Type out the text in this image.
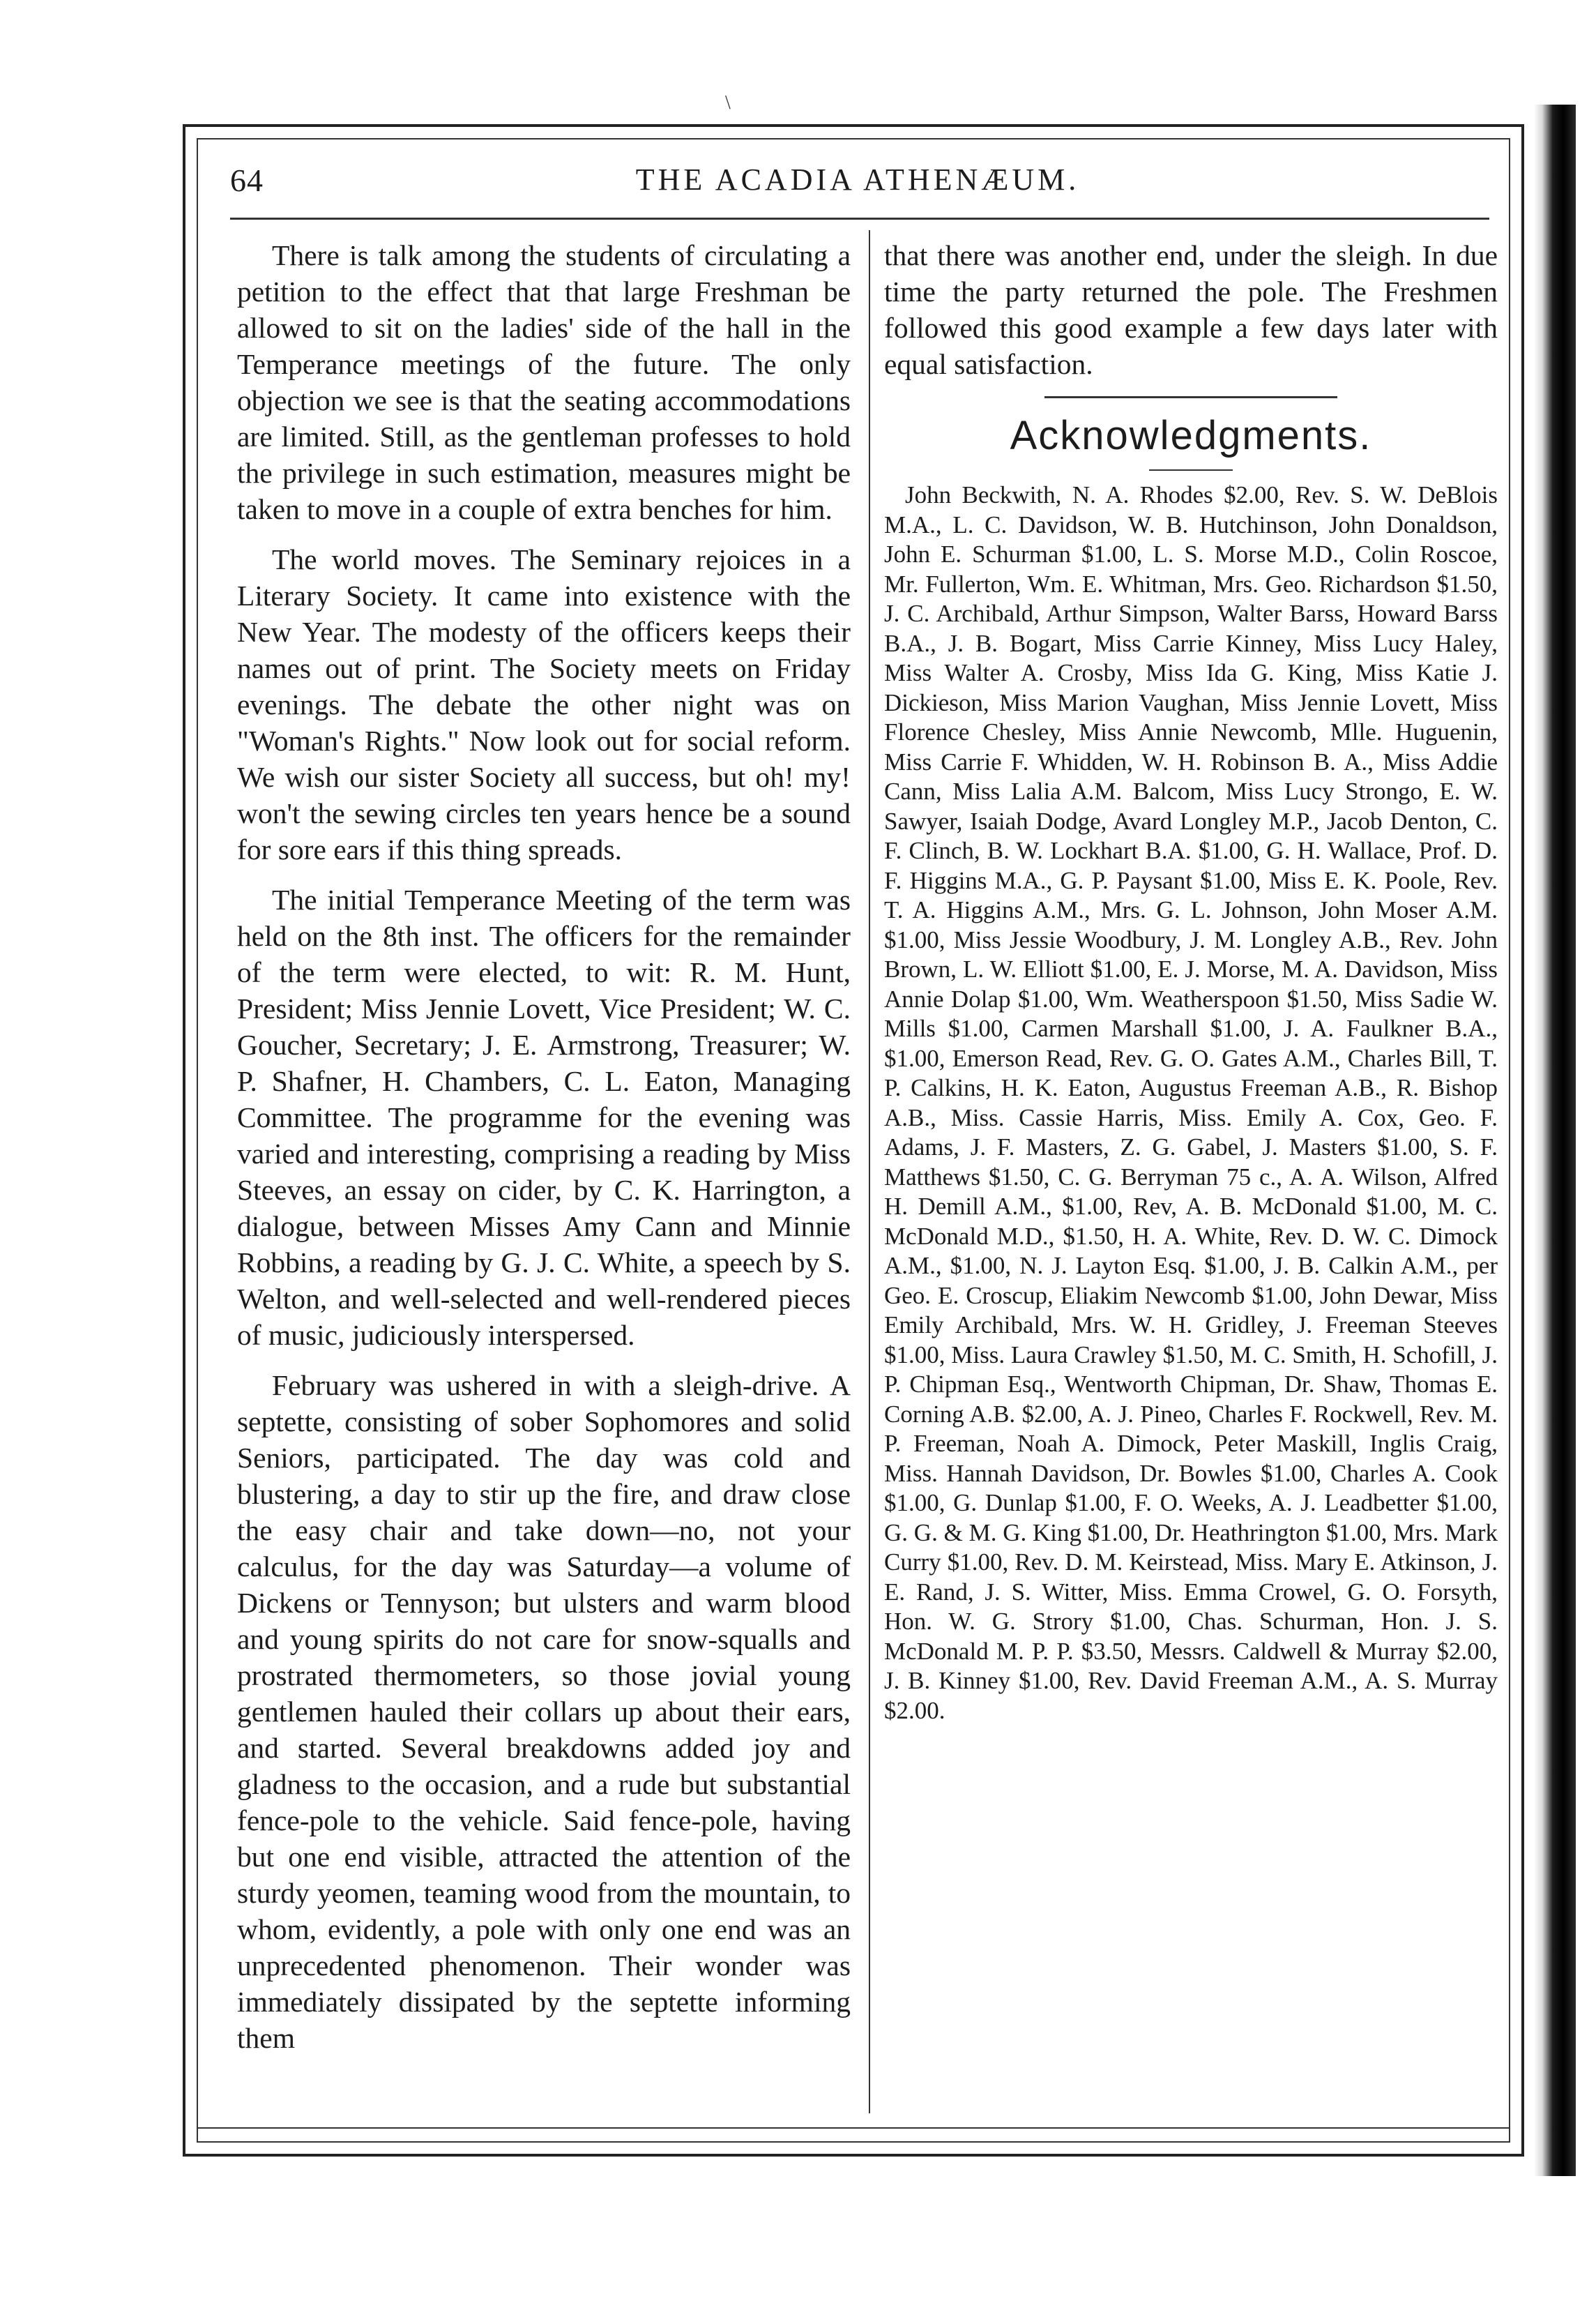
\
64	THE ACADIA ATHENÆUM.

There is talk among the students of circulating a petition to the effect that that large Freshman be allowed to sit on the ladies' side of the hall in the Temperance meetings of the future. The only objection we see is that the seating accommodations are limited. Still, as the gentleman professes to hold the privilege in such estimation, measures might be taken to move in a couple of extra benches for him.

The world moves. The Seminary rejoices in a Literary Society. It came into existence with the New Year. The modesty of the officers keeps their names out of print. The Society meets on Friday evenings. The debate the other night was on "Woman's Rights." Now look out for social reform. We wish our sister Society all success, but oh! my! won't the sewing circles ten years hence be a sound for sore ears if this thing spreads.

The initial Temperance Meeting of the term was held on the 8th inst. The officers for the remainder of the term were elected, to wit: R. M. Hunt, President; Miss Jennie Lovett, Vice President; W. C. Goucher, Secretary; J. E. Armstrong, Treasurer; W. P. Shafner, H. Chambers, C. L. Eaton, Managing Committee. The programme for the evening was varied and interesting, comprising a reading by Miss Steeves, an essay on cider, by C. K. Harrington, a dialogue, between Misses Amy Cann and Minnie Robbins, a reading by G. J. C. White, a speech by S. Welton, and well-selected and well-rendered pieces of music, judiciously interspersed.

February was ushered in with a sleigh-drive. A septette, consisting of sober Sophomores and solid Seniors, participated. The day was cold and blustering, a day to stir up the fire, and draw close the easy chair and take down—no, not your calculus, for the day was Saturday—a volume of Dickens or Tennyson; but ulsters and warm blood and young spirits do not care for snow-squalls and prostrated thermometers, so those jovial young gentlemen hauled their collars up about their ears, and started. Several breakdowns added joy and gladness to the occasion, and a rude but substantial fence-pole to the vehicle. Said fence-pole, having but one end visible, attracted the attention of the sturdy yeomen, teaming wood from the mountain, to whom, evidently, a pole with only one end was an unprecedented phenomenon. Their wonder was immediately dissipated by the septette informing them

that there was another end, under the sleigh. In due time the party returned the pole. The Freshmen followed this good example a few days later with equal satisfaction.

Acknowledgments.

John Beckwith, N. A. Rhodes $2.00, Rev. S. W. DeBlois M.A., L. C. Davidson, W. B. Hutchinson, John Donaldson, John E. Schurman $1.00, L. S. Morse M.D., Colin Roscoe, Mr. Fullerton, Wm. E. Whitman, Mrs. Geo. Richardson $1.50, J. C. Archibald, Arthur Simpson, Walter Barss, Howard Barss B.A., J. B. Bogart, Miss Carrie Kinney, Miss Lucy Haley, Miss Walter A. Crosby, Miss Ida G. King, Miss Katie J. Dickieson, Miss Marion Vaughan, Miss Jennie Lovett, Miss Florence Chesley, Miss Annie Newcomb, Mlle. Huguenin, Miss Carrie F. Whidden, W. H. Robinson B. A., Miss Addie Cann, Miss Lalia A.M. Balcom, Miss Lucy Strongo, E. W. Sawyer, Isaiah Dodge, Avard Longley M.P., Jacob Denton, C. F. Clinch, B. W. Lockhart B.A. $1.00, G. H. Wallace, Prof. D. F. Higgins M.A., G. P. Paysant $1.00, Miss E. K. Poole, Rev. T. A. Higgins A.M., Mrs. G. L. Johnson, John Moser A.M. $1.00, Miss Jessie Woodbury, J. M. Longley A.B., Rev. John Brown, L. W. Elliott $1.00, E. J. Morse, M. A. Davidson, Miss Annie Dolap $1.00, Wm. Weatherspoon $1.50, Miss Sadie W. Mills $1.00, Carmen Marshall $1.00, J. A. Faulkner B.A., $1.00, Emerson Read, Rev. G. O. Gates A.M., Charles Bill, T. P. Calkins, H. K. Eaton, Augustus Freeman A.B., R. Bishop A.B., Miss. Cassie Harris, Miss. Emily A. Cox, Geo. F. Adams, J. F. Masters, Z. G. Gabel, J. Masters $1.00, S. F. Matthews $1.50, C. G. Berryman 75 c., A. A. Wilson, Alfred H. Demill A.M., $1.00, Rev, A. B. McDonald $1.00, M. C. McDonald M.D., $1.50, H. A. White, Rev. D. W. C. Dimock A.M., $1.00, N. J. Layton Esq. $1.00, J. B. Calkin A.M., per Geo. E. Croscup, Eliakim Newcomb $1.00, John Dewar, Miss Emily Archibald, Mrs. W. H. Gridley, J. Freeman Steeves $1.00, Miss. Laura Crawley $1.50, M. C. Smith, H. Schofill, J. P. Chipman Esq., Wentworth Chipman, Dr. Shaw, Thomas E. Corning A.B. $2.00, A. J. Pineo, Charles F. Rockwell, Rev. M. P. Freeman, Noah A. Dimock, Peter Maskill, Inglis Craig, Miss. Hannah Davidson, Dr. Bowles $1.00, Charles A. Cook $1.00, G. Dunlap $1.00, F. O. Weeks, A. J. Leadbetter $1.00, G. G. & M. G. King $1.00, Dr. Heathrington $1.00, Mrs. Mark Curry $1.00, Rev. D. M. Keirstead, Miss. Mary E. Atkinson, J. E. Rand, J. S. Witter, Miss. Emma Crowel, G. O. Forsyth, Hon. W. G. Strory $1.00, Chas. Schurman, Hon. J. S. McDonald M. P. P. $3.50, Messrs. Caldwell & Murray $2.00, J. B. Kinney $1.00, Rev. David Freeman A.M., A. S. Murray $2.00.
